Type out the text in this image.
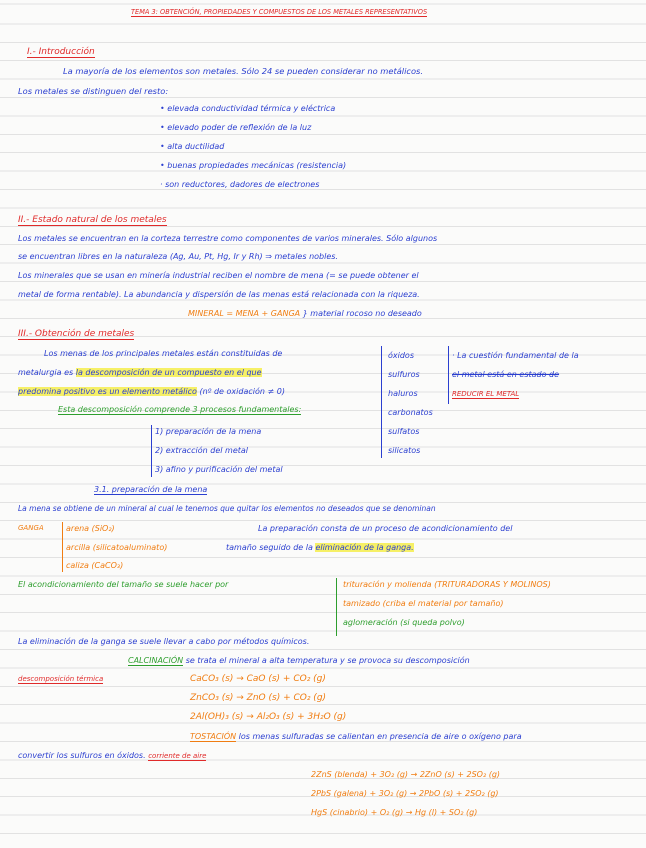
TEMA 3: OBTENCIÓN, PROPIEDADES Y COMPUESTOS DE LOS METALES REPRESENTATIVOS
I.- Introducción
La mayoría de los elementos son metales. Sólo 24 se pueden considerar no metálicos.
Los metales se distinguen del resto:
• elevada conductividad térmica y eléctrica
• elevado poder de reflexión de la luz
• alta ductilidad
• buenas propiedades mecánicas (resistencia)
· son reductores, dadores de electrones
II.- Estado natural de los metales
Los metales se encuentran en la corteza terrestre como componentes de varios minerales. Sólo algunos
se encuentran libres en la naturaleza (Ag, Au, Pt, Hg, Ir y Rh) ⇒ metales nobles.
Los minerales que se usan en minería industrial reciben el nombre de mena (= se puede obtener el
metal de forma rentable). La abundancia y dispersión de las menas está relacionada con la riqueza.
MINERAL = MENA + GANGA } material rocoso no deseado
III.- Obtención de metales
Los menas de los principales metales están constituidas de
metalurgia es la descomposición de un compuesto en el que
predomina positivo es un elemento metálico (nº de oxidación ≠ 0)
Esta descomposición comprende 3 procesos fundamentales:
1) preparación de la mena
2) extracción del metal
3) afino y purificación del metal
óxidos
sulfuros
haluros
carbonatos
sulfatos
silicatos
· La cuestión fundamental de la
el metal está en estado de
REDUCIR EL METAL
3.1. preparación de la mena
La mena se obtiene de un mineral al cual le tenemos que quitar los elementos no deseados que se denominan
GANGA	arena (SiO₂)
arcilla (silicatoaluminato)
caliza (CaCO₃)
La preparación consta de un proceso de acondicionamiento del
tamaño seguido de la eliminación de la ganga.
El acondicionamiento del tamaño se suele hacer por	trituración y molienda (TRITURADORAS Y MOLINOS)
tamizado (criba el material por tamaño)
aglomeración (si queda polvo)
La eliminación de la ganga se suele llevar a cabo por métodos químicos.
CALCINACIÓN se trata el mineral a alta temperatura y se provoca su descomposición
descomposición térmica	CaCO₃ (s) → CaO (s) + CO₂ (g)
ZnCO₃ (s) → ZnO (s) + CO₂ (g)
2Al(OH)₃ (s) → Al₂O₃ (s) + 3H₂O (g)
TOSTACIÓN los menas sulfuradas se calientan en presencia de aire o oxígeno para
convertir los sulfuros en óxidos. corriente de aire
2ZnS (blenda) + 3O₂ (g) → 2ZnO (s) + 2SO₂ (g)
2PbS (galena) + 3O₂ (g) → 2PbO (s) + 2SO₂ (g)
HgS (cinabrio) + O₂ (g) → Hg (l) + SO₂ (g)
